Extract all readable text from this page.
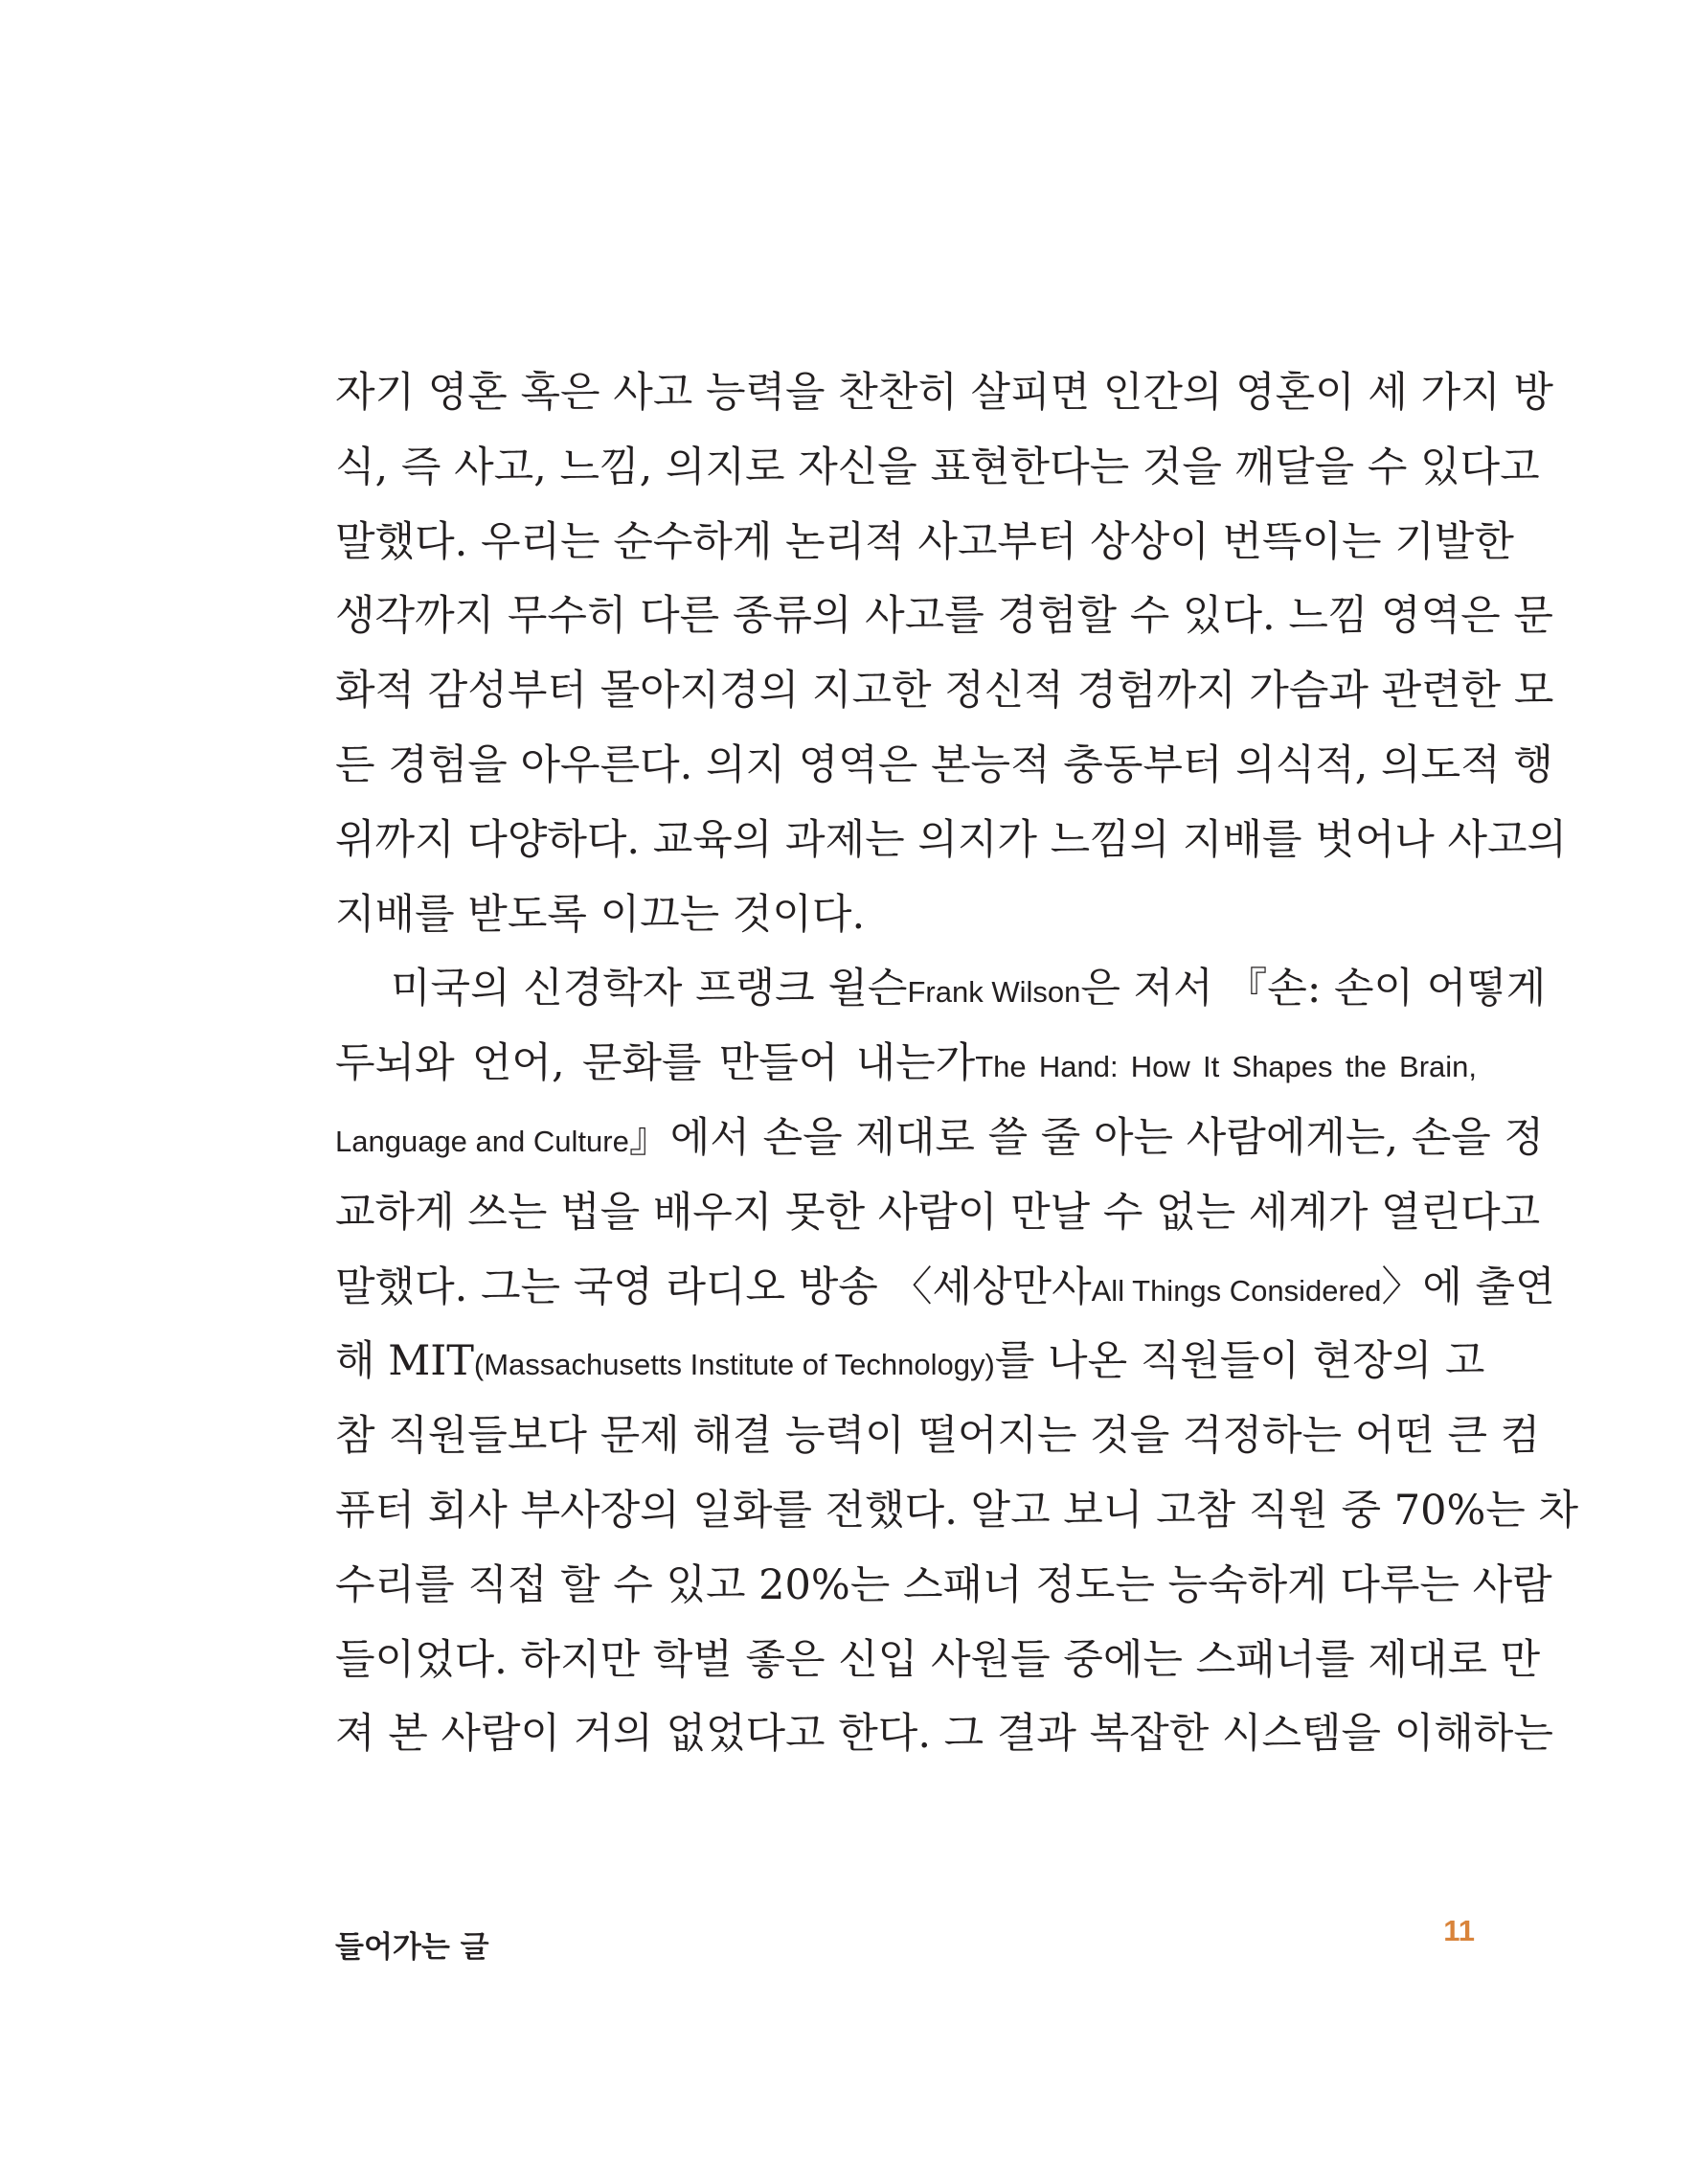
자기 영혼 혹은 사고 능력을 찬찬히 살피면 인간의 영혼이 세 가지 방
식, 즉 사고, 느낌, 의지로 자신을 표현한다는 것을 깨달을 수 있다고
말했다. 우리는 순수하게 논리적 사고부터 상상이 번뜩이는 기발한
생각까지 무수히 다른 종류의 사고를 경험할 수 있다. 느낌 영역은 문
화적 감성부터 몰아지경의 지고한 정신적 경험까지 가슴과 관련한 모
든 경험을 아우른다. 의지 영역은 본능적 충동부터 의식적, 의도적 행
위까지 다양하다. 교육의 과제는 의지가 느낌의 지배를 벗어나 사고의
지배를 받도록 이끄는 것이다.
미국의 신경학자 프랭크 윌슨Frank Wilson은 저서 『손: 손이 어떻게
두뇌와 언어, 문화를 만들어 내는가The Hand: How It Shapes the Brain,
Language and Culture』에서 손을 제대로 쓸 줄 아는 사람에게는, 손을 정
교하게 쓰는 법을 배우지 못한 사람이 만날 수 없는 세계가 열린다고
말했다. 그는 국영 라디오 방송 〈세상만사All Things Considered〉에 출연
해 MIT(Massachusetts Institute of Technology)를 나온 직원들이 현장의 고
참 직원들보다 문제 해결 능력이 떨어지는 것을 걱정하는 어떤 큰 컴
퓨터 회사 부사장의 일화를 전했다. 알고 보니 고참 직원 중 70%는 차
수리를 직접 할 수 있고 20%는 스패너 정도는 능숙하게 다루는 사람
들이었다. 하지만 학벌 좋은 신입 사원들 중에는 스패너를 제대로 만
져 본 사람이 거의 없었다고 한다. 그 결과 복잡한 시스템을 이해하는
들어가는 글	11
